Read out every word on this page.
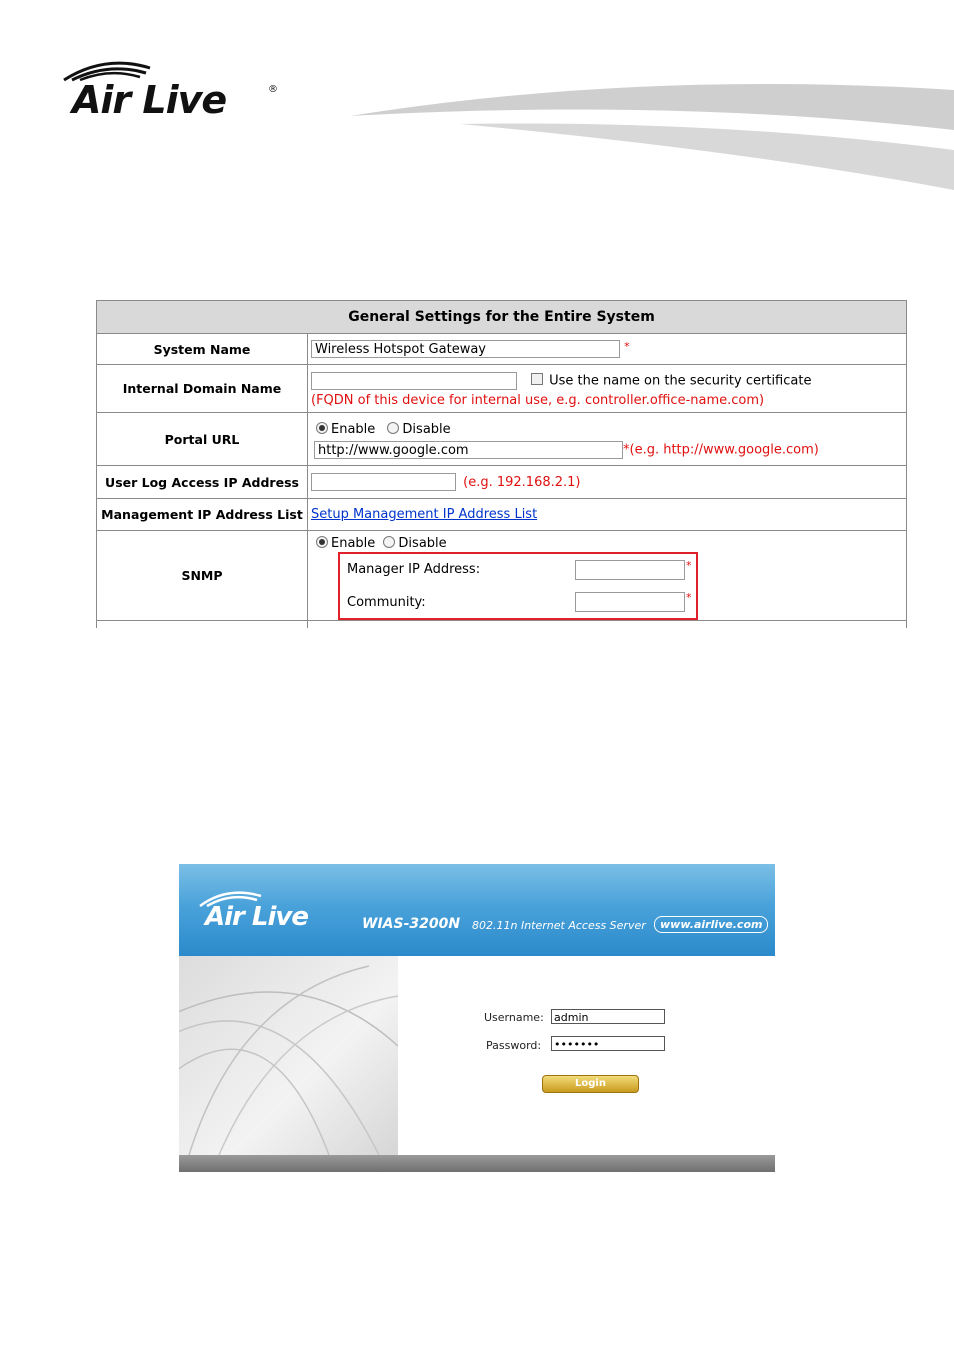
Air Live	®
General Settings for the Entire System	
System Name	Wireless Hotspot Gateway *
Internal Domain Name	Use the name on the security certificate
(FQDN of this device for internal use, e.g. controller.office-name.com)

Portal URL	Enable Disable
http://www.google.com *(e.g. http://www.google.com)

User Log Access IP Address	(e.g. 192.168.2.1)
Management IP Address List	Setup Management IP Address List
SNMP	Enable Disable
Manager IP Address: *
Community: *

Air Live	WIAS-3200N 802.11n Internet Access Server	www.airlive.com
Username: admin
Password: •••••••
Login
